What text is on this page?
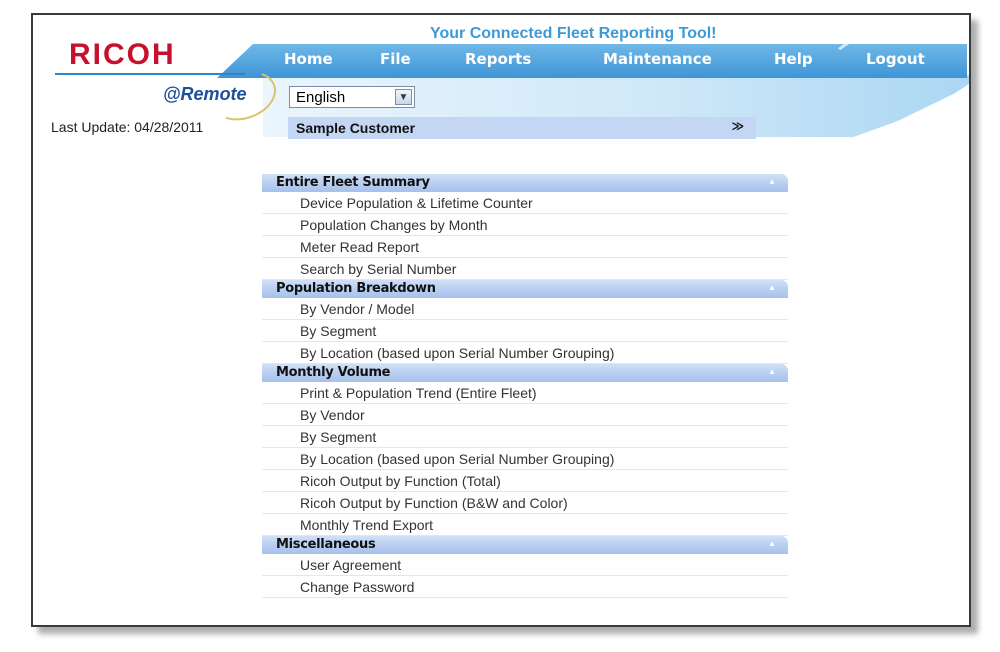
RICOH
Your Connected Fleet Reporting Tool!
Home	File	Reports	Maintenance	Help	Logout
@Remote	English	▼
Last Update: 04/28/2011	Sample Customer	≫
Entire Fleet Summary	▲
Device Population & Lifetime Counter
Population Changes by Month
Meter Read Report
Search by Serial Number
Population Breakdown	▲
By Vendor / Model
By Segment
By Location (based upon Serial Number Grouping)
Monthly Volume	▲
Print & Population Trend (Entire Fleet)
By Vendor
By Segment
By Location (based upon Serial Number Grouping)
Ricoh Output by Function (Total)
Ricoh Output by Function (B&W and Color)
Monthly Trend Export
Miscellaneous	▲
User Agreement
Change Password
